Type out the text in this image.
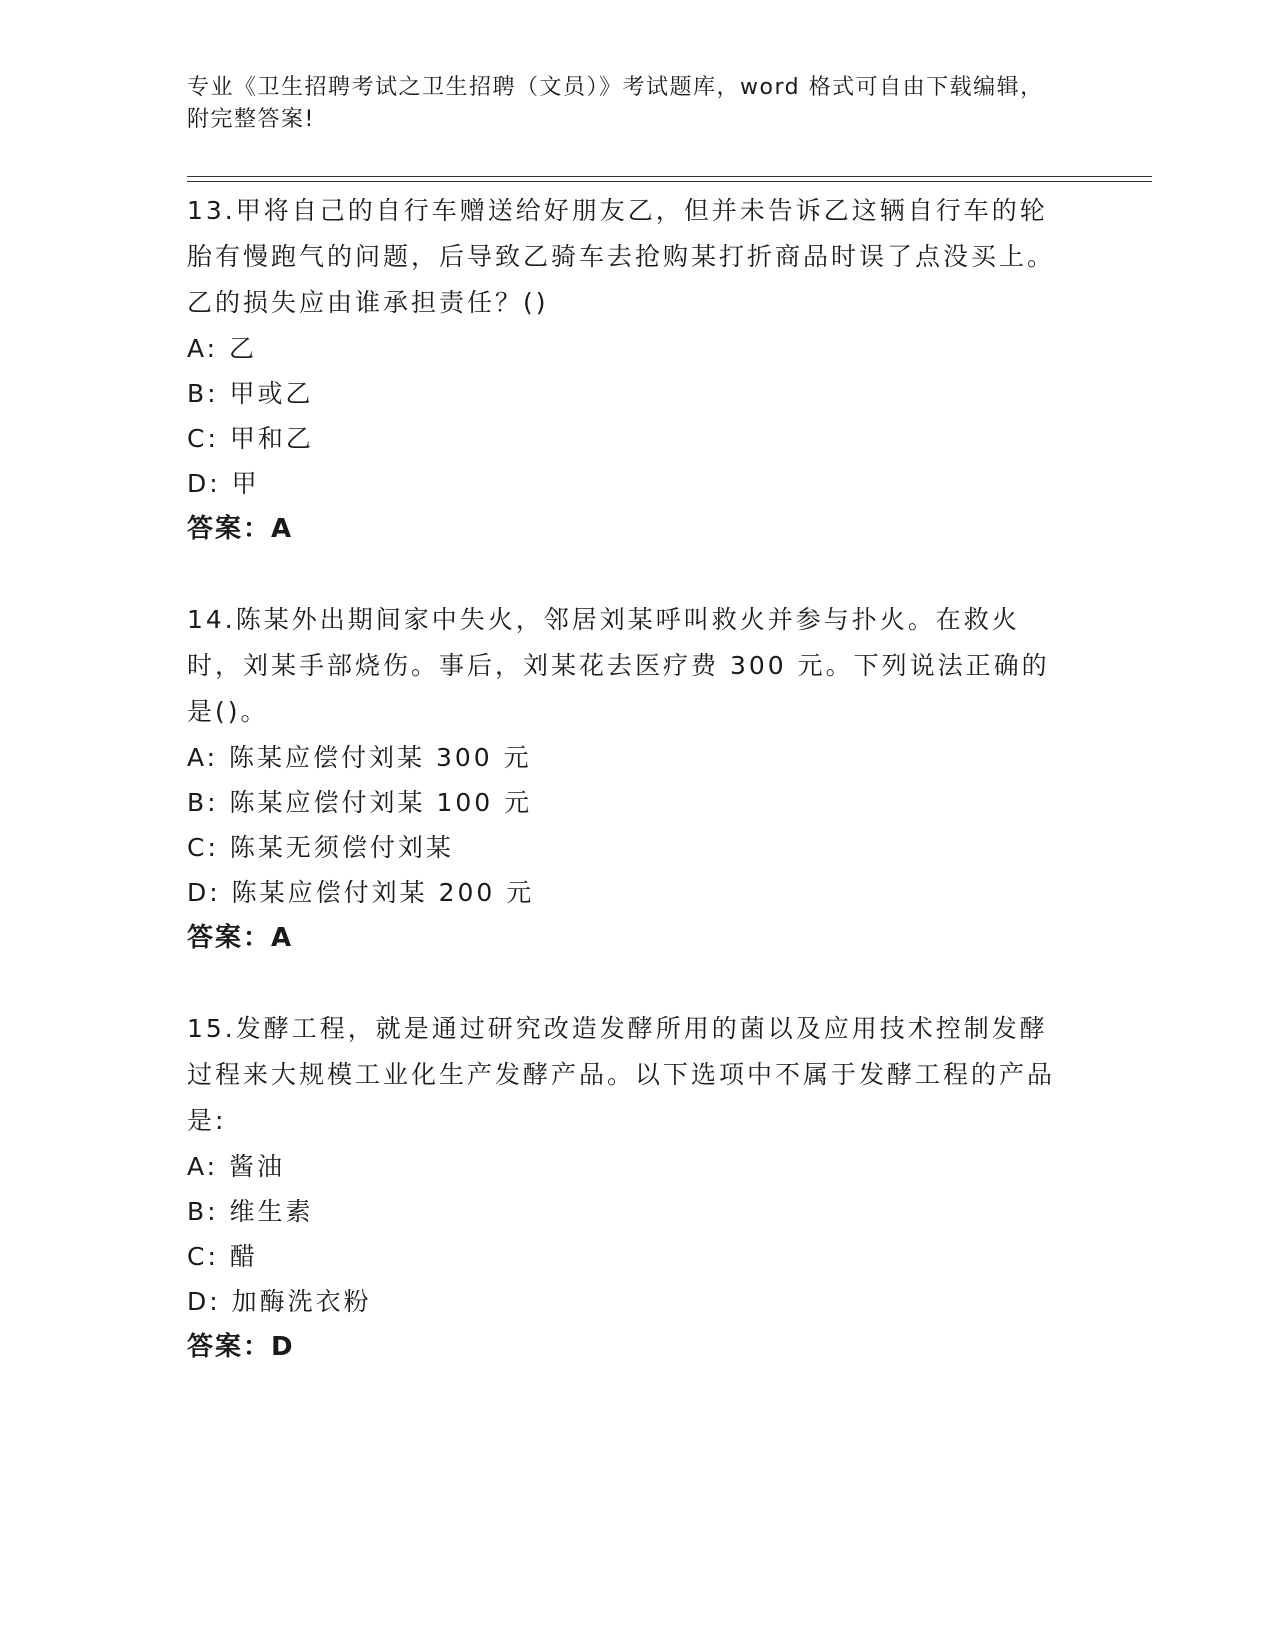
专业《卫生招聘考试之卫生招聘（文员）》考试题库，word 格式可自由下载编辑，附完整答案!
13.甲将自己的自行车赠送给好朋友乙，但并未告诉乙这辆自行车的轮胎有慢跑气的问题，后导致乙骑车去抢购某打折商品时误了点没买上。乙的损失应由谁承担责任？()
A: 乙
B: 甲或乙
C: 甲和乙
D: 甲
答案：A
14.陈某外出期间家中失火，邻居刘某呼叫救火并参与扑火。在救火时，刘某手部烧伤。事后，刘某花去医疗费 300 元。下列说法正确的是()。
A: 陈某应偿付刘某 300 元
B: 陈某应偿付刘某 100 元
C: 陈某无须偿付刘某
D: 陈某应偿付刘某 200 元
答案：A
15.发酵工程，就是通过研究改造发酵所用的菌以及应用技术控制发酵过程来大规模工业化生产发酵产品。以下选项中不属于发酵工程的产品是:
A: 酱油
B: 维生素
C: 醋
D: 加酶洗衣粉
答案：D
